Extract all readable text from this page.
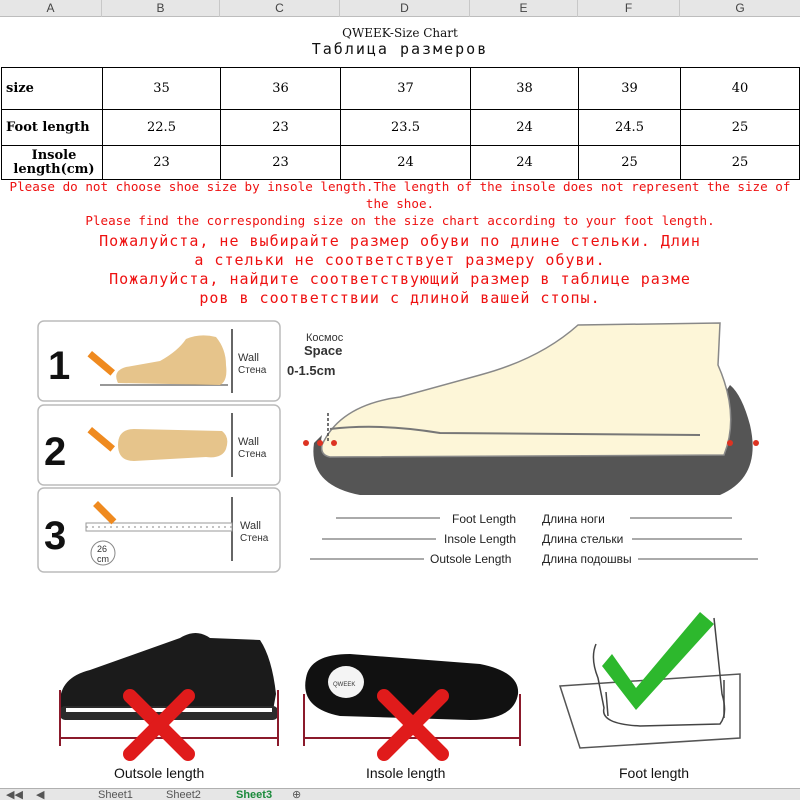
A	B	C	D	E	F	G
QWEEK-Size Chart
Таблица размеров
size	35	36	37	38	39	40
Foot length	22.5	23	23.5	24	24.5	25

Insole
length(cm)	23	23	24	24	25	25
Please do not choose shoe size by insole length.The length of the insole does not represent the size of
the shoe.
Please find the corresponding size on the size chart according to your foot length.
Пожалуйста, не выбирайте размер обуви по длине стельки. Длин
а стельки не соответствует размеру обуви.
Пожалуйста, найдите соответствующий размер в таблице разме
ров в соответствии с длиной вашей стопы.
1	Wall
Стена
2	Wall
Стена
3	26
cm
Wall
Стена
Космос
Space
0-1.5cm
Foot Length Длина ноги
Insole Length Длина стельки
Outsole Length	Длина подошвы
QWEEK
Outsole length	Insole length	Foot length
◀◀ ◀	Sheet1	Sheet2	Sheet3 ⊕
